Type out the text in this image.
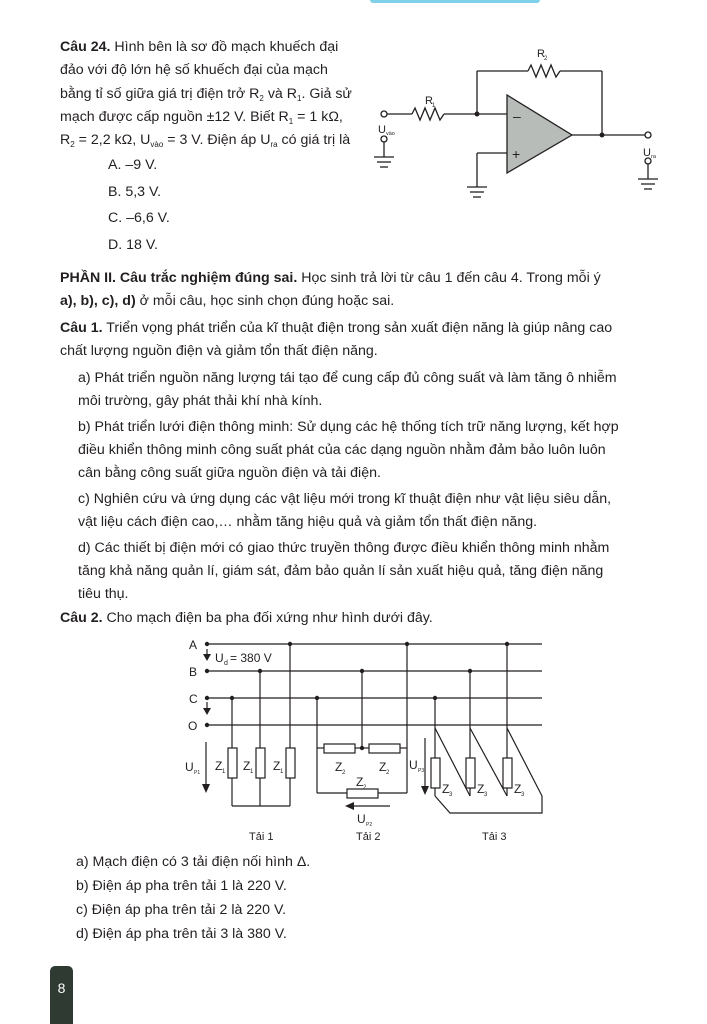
Câu 24. Hình bên là sơ đồ mạch khuếch đại
đảo với độ lớn hệ số khuếch đại của mạch
bằng tỉ số giữa giá trị điện trở $R_2$ và $R_1$. Giả sử
mạch được cấp nguồn ±12 V. Biết $R_1 = 1$ kΩ,
$R_2 = 2,2$ kΩ, $U_{vào} = 3$ V. Điện áp $U_{ra}$ có giá trị là
A. –9 V.
B. 5,3 V.
C. –6,6 V.
D. 18 V.
R 1
R 2
U vào
U ra
–
+
PHẦN II. Câu trắc nghiệm đúng sai. Học sinh trả lời từ câu 1 đến câu 4. Trong mỗi ý
a), b), c), d) ở mỗi câu, học sinh chọn đúng hoặc sai.
Câu 1. Triển vọng phát triển của kĩ thuật điện trong sản xuất điện năng là giúp nâng cao
chất lượng nguồn điện và giảm tổn thất điện năng.
a) Phát triển nguồn năng lượng tái tạo để cung cấp đủ công suất và làm tăng ô nhiễm
môi trường, gây phát thải khí nhà kính.
b) Phát triển lưới điện thông minh: Sử dụng các hệ thống tích trữ năng lượng, kết hợp
điều khiển thông minh công suất phát của các dạng nguồn nhằm đảm bảo luôn luôn
cân bằng công suất giữa nguồn điện và tải điện.
c) Nghiên cứu và ứng dụng các vật liệu mới trong kĩ thuật điện như vật liệu siêu dẫn,
vật liệu cách điện cao,… nhằm tăng hiệu quả và giảm tổn thất điện năng.
d) Các thiết bị điện mới có giao thức truyền thông được điều khiển thông minh nhằm
tăng khả năng quản lí, giám sát, đảm bảo quản lí sản xuất hiệu quả, tăng điện năng
tiêu thụ.
Câu 2. Cho mạch điện ba pha đối xứng như hình dưới đây.
A
B
C
O
U d = 380 V
U P1 Z 1 Z 1 Z 1	Z 2	Z 2
Z 2
U P2
U P3
Z 3 Z 3 Z 3
Tải 1	Tải 2	Tải 3
a) Mạch điện có 3 tải điện nối hình Δ.
b) Điện áp pha trên tải 1 là 220 V.
c) Điện áp pha trên tải 2 là 220 V.
d) Điện áp pha trên tải 3 là 380 V.
8
